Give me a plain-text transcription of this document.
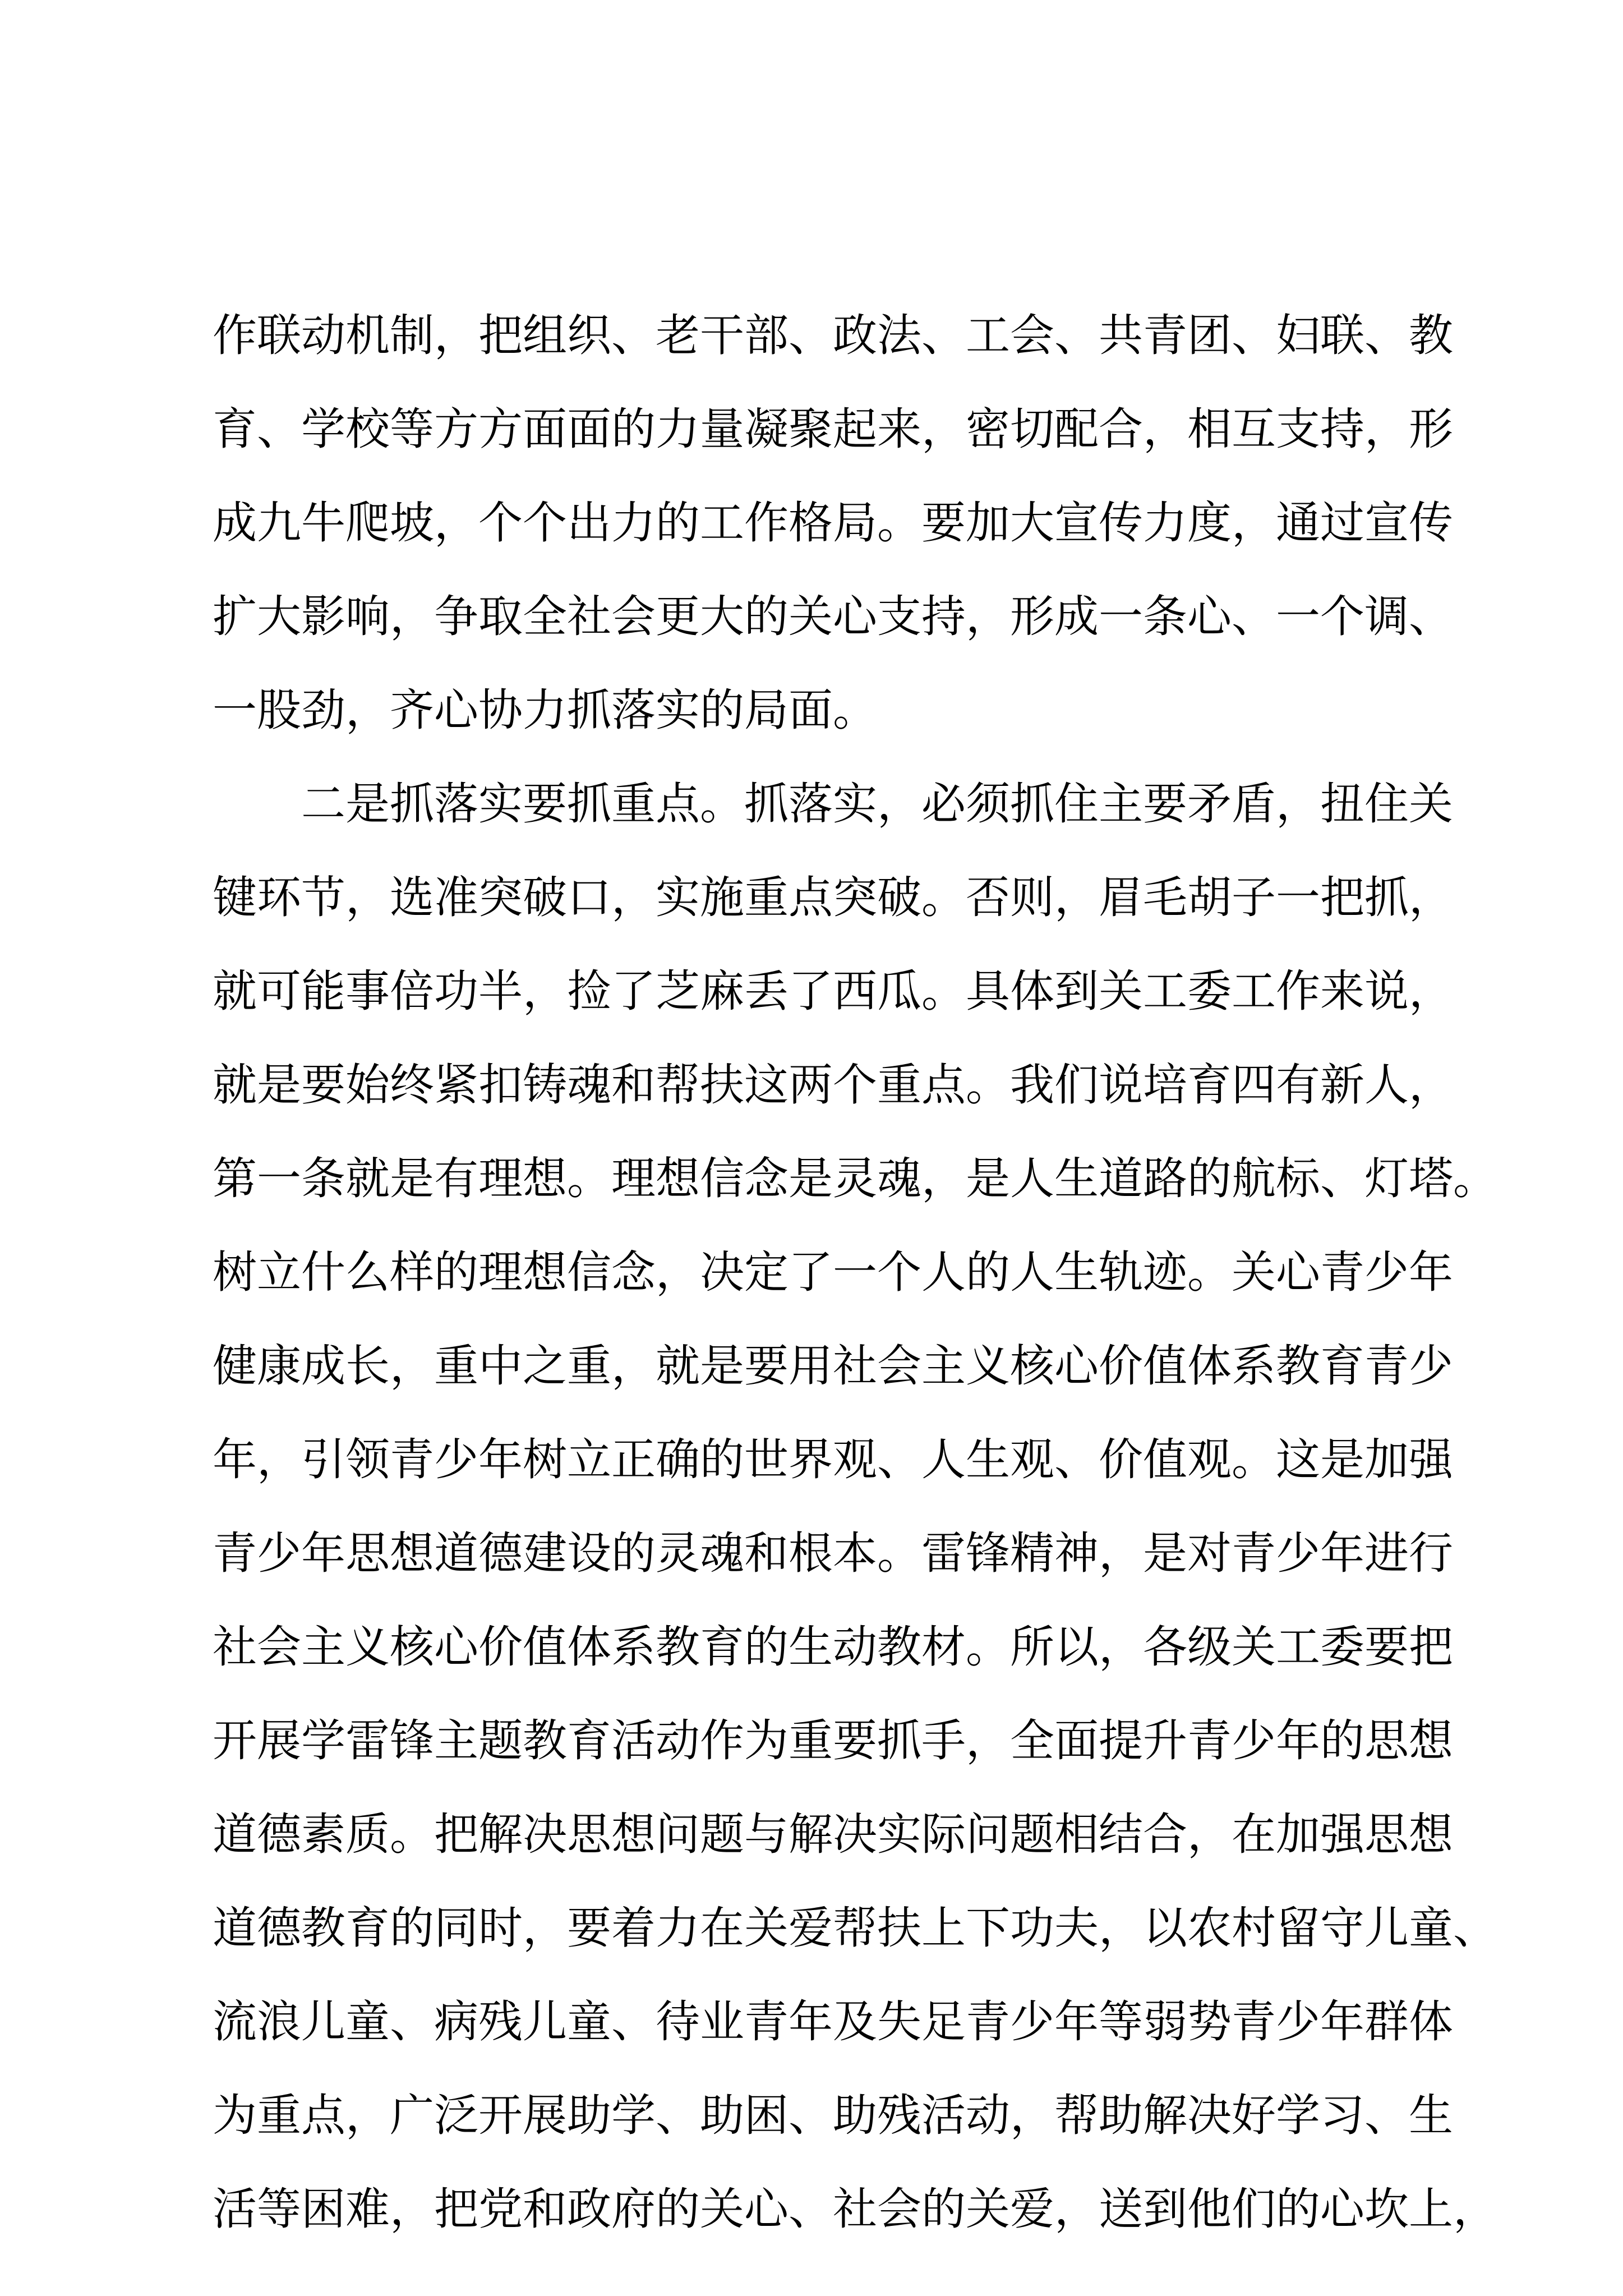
作联动机制，把组织、老干部、政法、工会、共青团、妇联、教
育、学校等方方面面的力量凝聚起来，密切配合，相互支持，形
成九牛爬坡，个个出力的工作格局。要加大宣传力度，通过宣传
扩大影响，争取全社会更大的关心支持，形成一条心、一个调、
一股劲，齐心协力抓落实的局面。
二是抓落实要抓重点。抓落实，必须抓住主要矛盾，扭住关
键环节，选准突破口，实施重点突破。否则，眉毛胡子一把抓，
就可能事倍功半，捡了芝麻丢了西瓜。具体到关工委工作来说，
就是要始终紧扣铸魂和帮扶这两个重点。我们说培育四有新人，
第一条就是有理想。理想信念是灵魂，是人生道路的航标、灯塔。
树立什么样的理想信念，决定了一个人的人生轨迹。关心青少年
健康成长，重中之重，就是要用社会主义核心价值体系教育青少
年，引领青少年树立正确的世界观、人生观、价值观。这是加强
青少年思想道德建设的灵魂和根本。雷锋精神，是对青少年进行
社会主义核心价值体系教育的生动教材。所以，各级关工委要把
开展学雷锋主题教育活动作为重要抓手，全面提升青少年的思想
道德素质。把解决思想问题与解决实际问题相结合，在加强思想
道德教育的同时，要着力在关爱帮扶上下功夫，以农村留守儿童、
流浪儿童、病残儿童、待业青年及失足青少年等弱势青少年群体
为重点，广泛开展助学、助困、助残活动，帮助解决好学习、生
活等困难，把党和政府的关心、社会的关爱，送到他们的心坎上，
